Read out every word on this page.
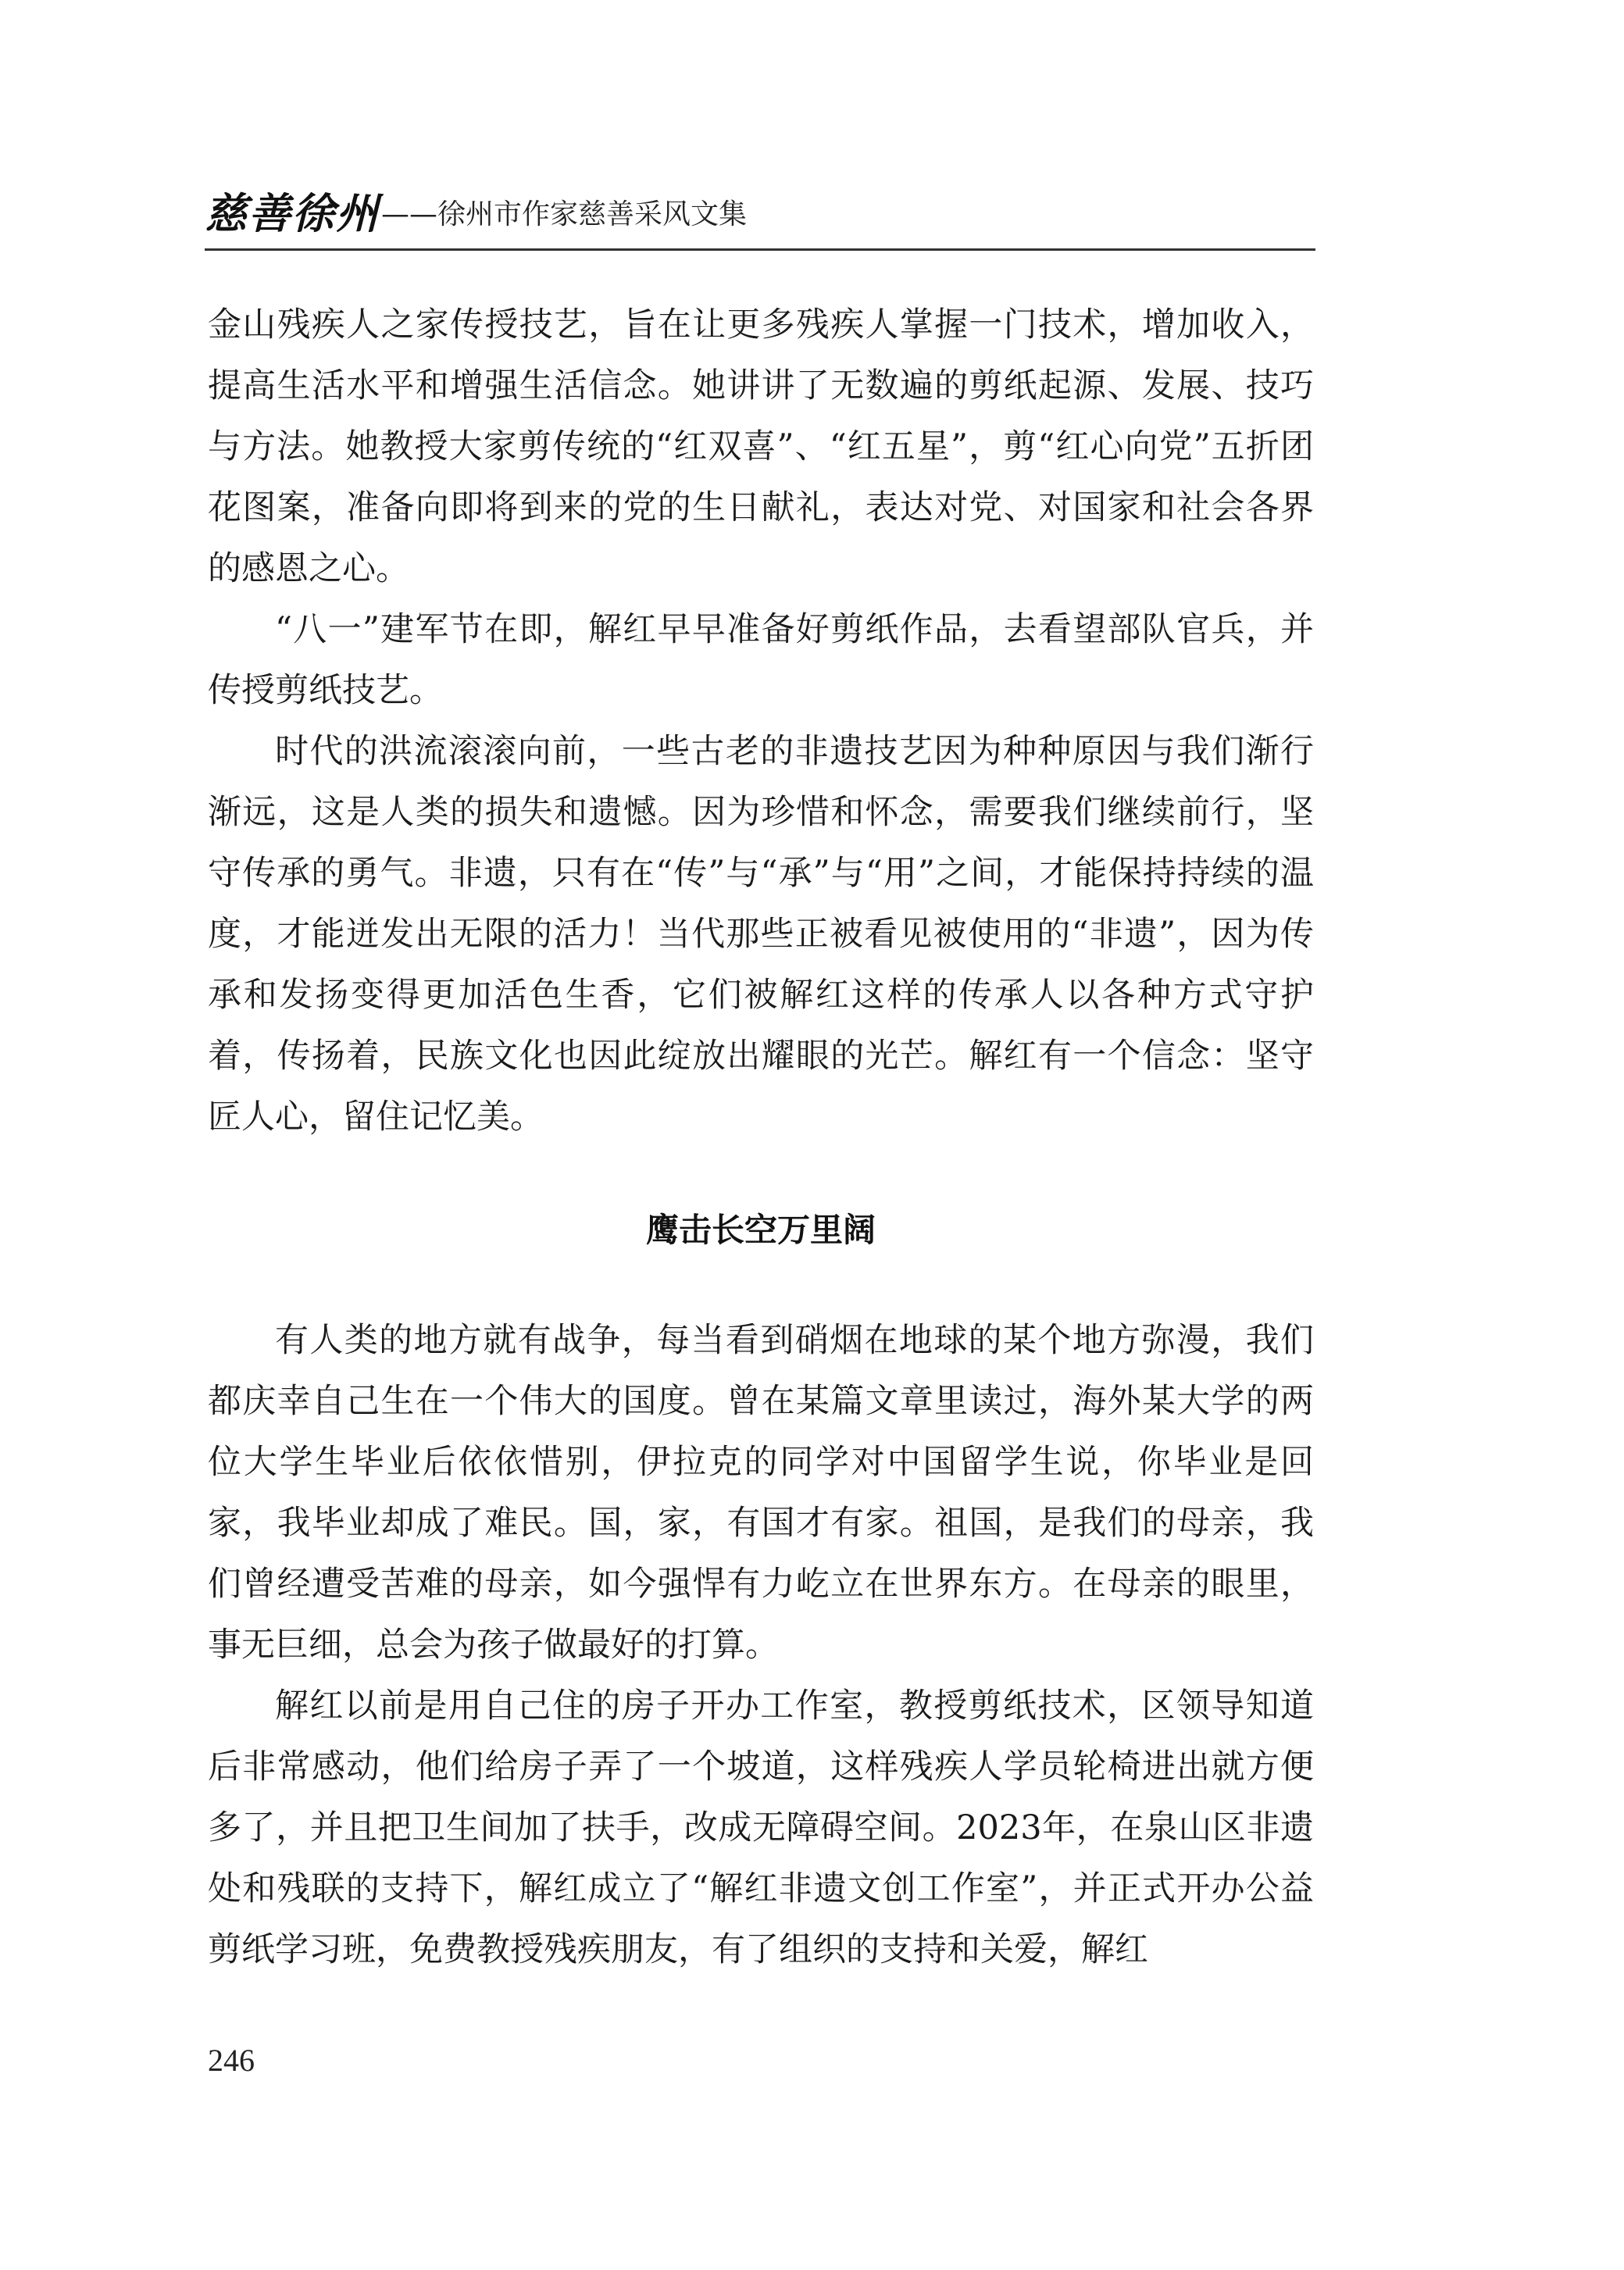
慈善徐州 ——徐州市作家慈善采风文集

金山残疾人之家传授技艺，旨在让更多残疾人掌握一门技术，增加收入，提高生活水平和增强生活信念。她讲讲了无数遍的剪纸起源、发展、技巧与方法。她教授大家剪传统的“红双喜”、“红五星”，剪“红心向党”五折团花图案，准备向即将到来的党的生日献礼，表达对党、对国家和社会各界的感恩之心。

“八一”建军节在即，解红早早准备好剪纸作品，去看望部队官兵，并传授剪纸技艺。

时代的洪流滚滚向前，一些古老的非遗技艺因为种种原因与我们渐行渐远，这是人类的损失和遗憾。因为珍惜和怀念，需要我们继续前行，坚守传承的勇气。非遗，只有在“传”与“承”与“用”之间，才能保持持续的温度，才能迸发出无限的活力！当代那些正被看见被使用的“非遗”，因为传承和发扬变得更加活色生香，它们被解红这样的传承人以各种方式守护着，传扬着，民族文化也因此绽放出耀眼的光芒。解红有一个信念：坚守匠人心，留住记忆美。

鹰击长空万里阔

有人类的地方就有战争，每当看到硝烟在地球的某个地方弥漫，我们都庆幸自己生在一个伟大的国度。曾在某篇文章里读过，海外某大学的两位大学生毕业后依依惜别，伊拉克的同学对中国留学生说，你毕业是回家，我毕业却成了难民。国，家，有国才有家。祖国，是我们的母亲，我们曾经遭受苦难的母亲，如今强悍有力屹立在世界东方。在母亲的眼里，事无巨细，总会为孩子做最好的打算。

解红以前是用自己住的房子开办工作室，教授剪纸技术，区领导知道后非常感动，他们给房子弄了一个坡道，这样残疾人学员轮椅进出就方便多了，并且把卫生间加了扶手，改成无障碍空间。2023年，在泉山区非遗处和残联的支持下，解红成立了“解红非遗文创工作室”，并正式开办公益剪纸学习班，免费教授残疾朋友，有了组织的支持和关爱，解红

246
